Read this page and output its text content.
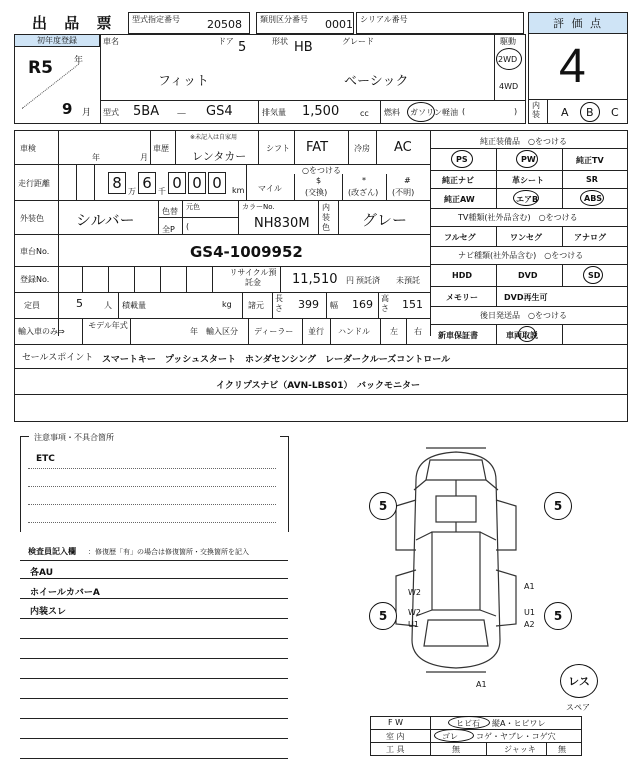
出 品 票 型式指定番号 20508 類別区分番号 0001 シリアル番号	評 価 点
4
内装	A B C
初年度登録
R5 年
9 月
車名
フィット
ドア 5	形状 HB	グレード
ベーシック
駆動
2WD
4WD
型式 5BA － GS4	排気量 1,500	cc 燃料 ガソリン 軽油 (	)
車検
年	月
車歴
※未記入は自家用
レンタカー
シフト FAT	冷房 AC
走行距離	8 万 6 千 0 0 0	km
○をつける
マイル
$
(交換)
*
(改ざん)
#
(不明)
外装色 シルバー	色替
全P
元色
(
カラーNo.
NH830M
内装色 グレー
車台No.	GS4-1009952
登録No.
リサイクル預託金	11,510 円 预託済 未預託
定員	5	人 積載量	kg 諸元
長さ 399 幅 169 高さ 151
輸入車のみ⇒
モデル年式
年 輸入区分 ディーラー 並行 ハンドル	左 右
純正装備品　○をつける
PS	PW	純正TV
純正ナビ	革シート	SR
純正AW	エアB	ABS
TV種類(社外品含む)　○をつける
フルセグ	ワンセグ	アナログ
ナビ種類(社外品含む)　○をつける
HDD	DVD	SD
メモリー	DVD再生可
後日発送品　○をつける
新車保証書	車両取説
セールスポイント スマートキー　プッシュスタート　ホンダセンシング　レーダークルーズコントロール
イクリプスナビ（AVN-LBS01）　バックモニター
注意事項・不具合箇所
ETC
検査員記入欄 ：修復歴「有」の場合は修復箇所・交換箇所を記入
各AU
ホイールカバーA
内装スレ
5	5
5	5
W2
W2
U1
A1
U1
A2
A1	レス
スペア
F W	ヒビ石 縦A・ヒビワレ
室 内	ゴレ コゲ・ヤブレ・コゲ穴
工 具	無	ジャッキ	無
